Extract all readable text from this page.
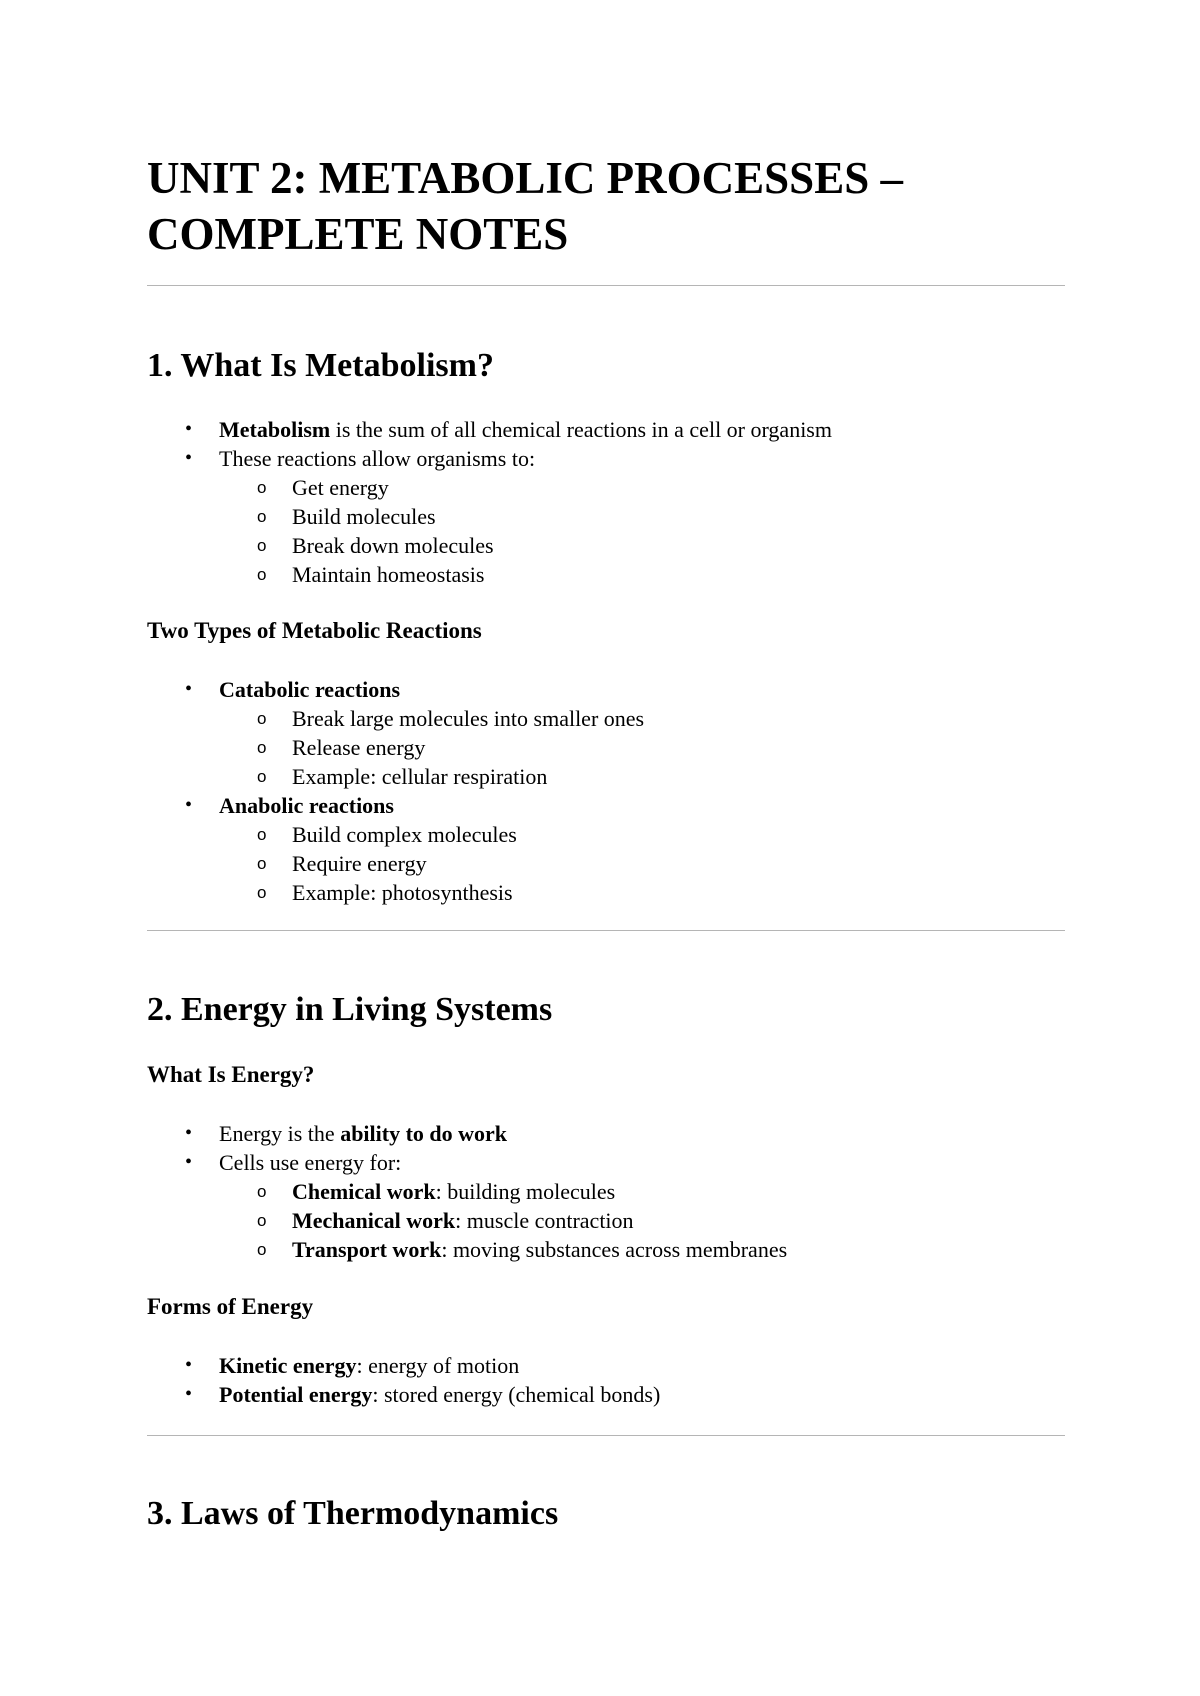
UNIT 2: METABOLIC PROCESSES – COMPLETE NOTES
1. What Is Metabolism?
• Metabolism is the sum of all chemical reactions in a cell or organism
• These reactions allow organisms to:
o Get energy
o Build molecules
o Break down molecules
o Maintain homeostasis
Two Types of Metabolic Reactions
• Catabolic reactions
o Break large molecules into smaller ones
o Release energy
o Example: cellular respiration
• Anabolic reactions
o Build complex molecules
o Require energy
o Example: photosynthesis
2. Energy in Living Systems
What Is Energy?
• Energy is the ability to do work
• Cells use energy for:
o Chemical work: building molecules
o Mechanical work: muscle contraction
o Transport work: moving substances across membranes
Forms of Energy
• Kinetic energy: energy of motion
• Potential energy: stored energy (chemical bonds)
3. Laws of Thermodynamics
